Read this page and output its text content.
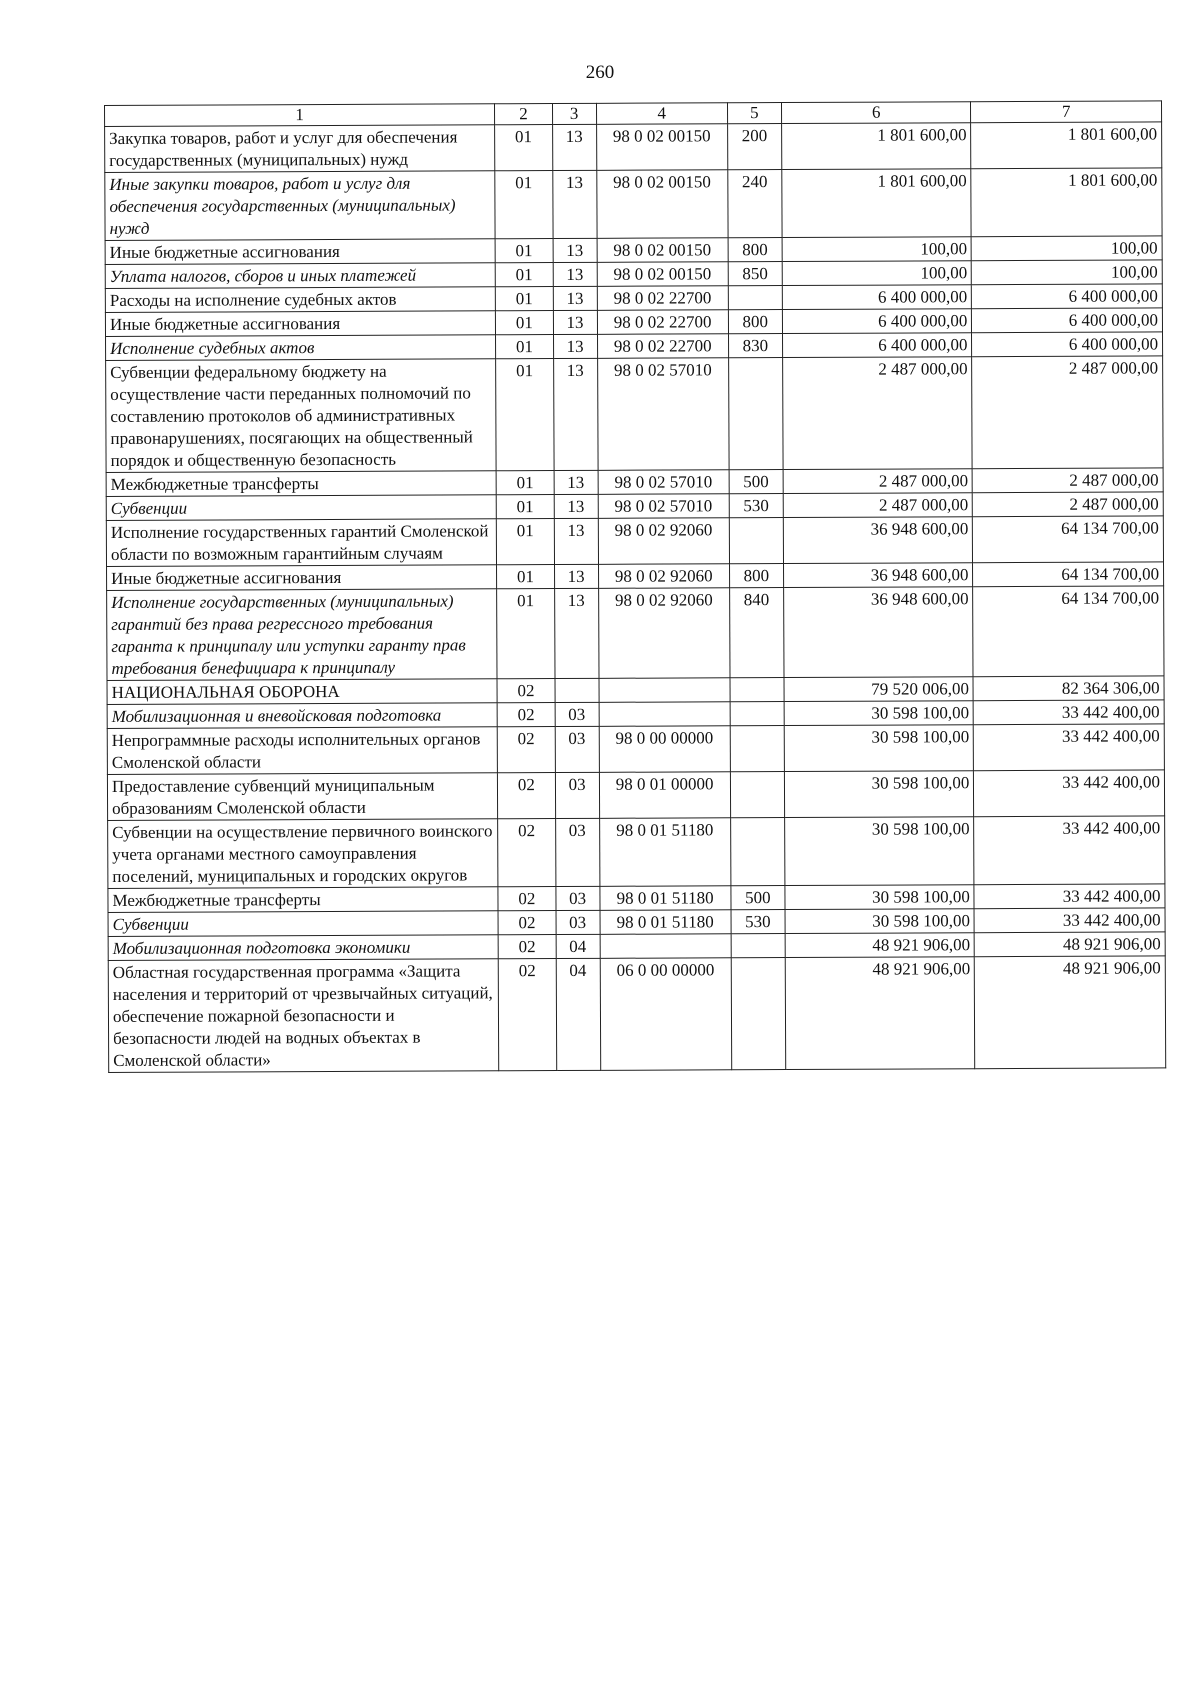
260
1	2	3	4	5	6	7
Закупка товаров, работ и услуг для обеспечения государственных (муниципальных) нужд	01	13	98 0 02 00150	200	1 801 600,00	1 801 600,00
Иные закупки товаров, работ и услуг для обеспечения государственных (муниципальных) нужд	01	13	98 0 02 00150	240	1 801 600,00	1 801 600,00
Иные бюджетные ассигнования	01	13	98 0 02 00150	800	100,00	100,00
Уплата налогов, сборов и иных платежей	01	13	98 0 02 00150	850	100,00	100,00
Расходы на исполнение судебных актов	01	13	98 0 02 22700		6 400 000,00	6 400 000,00
Иные бюджетные ассигнования	01	13	98 0 02 22700	800	6 400 000,00	6 400 000,00
Исполнение судебных актов	01	13	98 0 02 22700	830	6 400 000,00	6 400 000,00
Субвенции федеральному бюджету на осуществление части переданных полномочий по составлению протоколов об административных правонарушениях, посягающих на общественный порядок и общественную безопасность	01	13	98 0 02 57010		2 487 000,00	2 487 000,00
Межбюджетные трансферты	01	13	98 0 02 57010	500	2 487 000,00	2 487 000,00
Субвенции	01	13	98 0 02 57010	530	2 487 000,00	2 487 000,00
Исполнение государственных гарантий Смоленской области по возможным гарантийным случаям	01	13	98 0 02 92060		36 948 600,00	64 134 700,00
Иные бюджетные ассигнования	01	13	98 0 02 92060	800	36 948 600,00	64 134 700,00
Исполнение государственных (муниципальных) гарантий без права регрессного требования гаранта к принципалу или уступки гаранту прав требования бенефициара к принципалу	01	13	98 0 02 92060	840	36 948 600,00	64 134 700,00
НАЦИОНАЛЬНАЯ ОБОРОНА	02				79 520 006,00	82 364 306,00
Мобилизационная и вневойсковая подготовка	02	03			30 598 100,00	33 442 400,00
Непрограммные расходы исполнительных органов Смоленской области	02	03	98 0 00 00000		30 598 100,00	33 442 400,00
Предоставление субвенций муниципальным образованиям Смоленской области	02	03	98 0 01 00000		30 598 100,00	33 442 400,00
Субвенции на осуществление первичного воинского учета органами местного самоуправления поселений, муниципальных и городских округов	02	03	98 0 01 51180		30 598 100,00	33 442 400,00
Межбюджетные трансферты	02	03	98 0 01 51180	500	30 598 100,00	33 442 400,00
Субвенции	02	03	98 0 01 51180	530	30 598 100,00	33 442 400,00
Мобилизационная подготовка экономики	02	04			48 921 906,00	48 921 906,00
Областная государственная программа «Защита населения и территорий от чрезвычайных ситуаций, обеспечение пожарной безопасности и безопасности людей на водных объектах в Смоленской области»	02	04	06 0 00 00000		48 921 906,00	48 921 906,00
